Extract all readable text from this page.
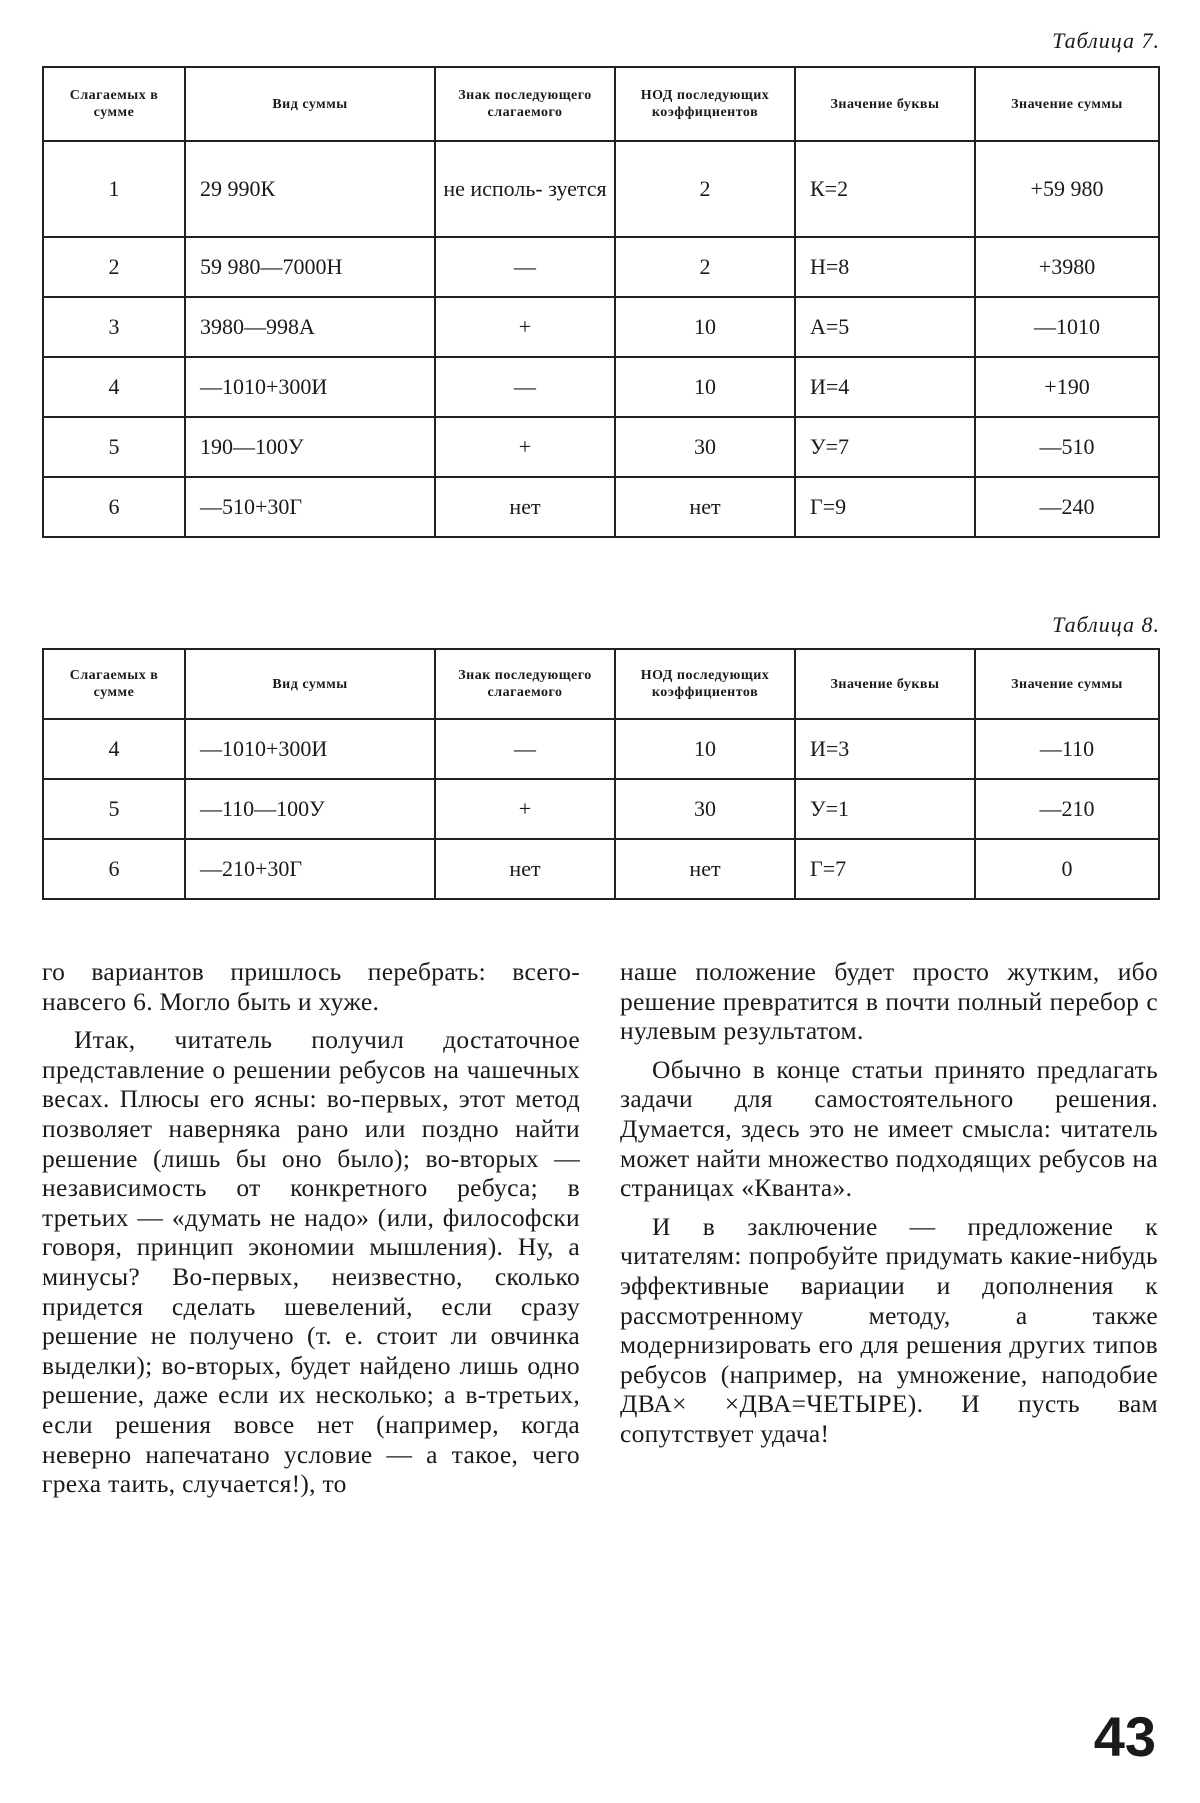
Таблица 7.
Слагаемых в сумме	Вид суммы	Знак последующего слагаемого	НОД последующих коэффициентов	Значение буквы	Значение суммы
1	29 990К	не исполь- зуется	2	К=2	+59 980
2	59 980—7000Н	—	2	Н=8	+3980
3	3980—998А	+	10	А=5	—1010
4	—1010+300И	—	10	И=4	+190
5	190—100У	+	30	У=7	—510
6	—510+30Г	нет	нет	Г=9	—240
Таблица 8.
Слагаемых в сумме	Вид суммы	Знак последующего слагаемого	НОД последующих коэффициентов	Значение буквы	Значение суммы
4	—1010+300И	—	10	И=3	—110
5	—110—100У	+	30	У=1	—210
6	—210+30Г	нет	нет	Г=7	0

го вариантов пришлось перебрать: всего-навсего 6. Могло быть и хуже.

Итак, читатель получил достаточное представление о решении ребусов на чашечных весах. Плюсы его ясны: во-первых, этот метод позволяет наверняка рано или поздно найти решение (лишь бы оно было); во-вторых — независимость от конкретного ребуса; в третьих — «думать не надо» (или, философски говоря, принцип экономии мышления). Ну, а минусы? Во-первых, неизвестно, сколько придется сделать шевелений, если сразу решение не получено (т. е. стоит ли овчинка выделки); во-вторых, будет найдено лишь одно решение, даже если их несколько; а в-третьих, если решения вовсе нет (например, когда неверно напечатано условие — а такое, чего греха таить, случается!), то

наше положение будет просто жутким, ибо решение превратится в почти полный перебор с нулевым результатом.

Обычно в конце статьи принято предлагать задачи для самостоятельного решения. Думается, здесь это не имеет смысла: читатель может найти множество подходящих ребусов на страницах «Кванта».

И в заключение — предложение к читателям: попробуйте придумать какие-нибудь эффективные вариации и дополнения к рассмотренному методу, а также модернизировать его для решения других типов ребусов (например, на умножение, наподобие ДВА× ×ДВА=ЧЕТЫРЕ). И пусть вам сопутствует удача!

43
